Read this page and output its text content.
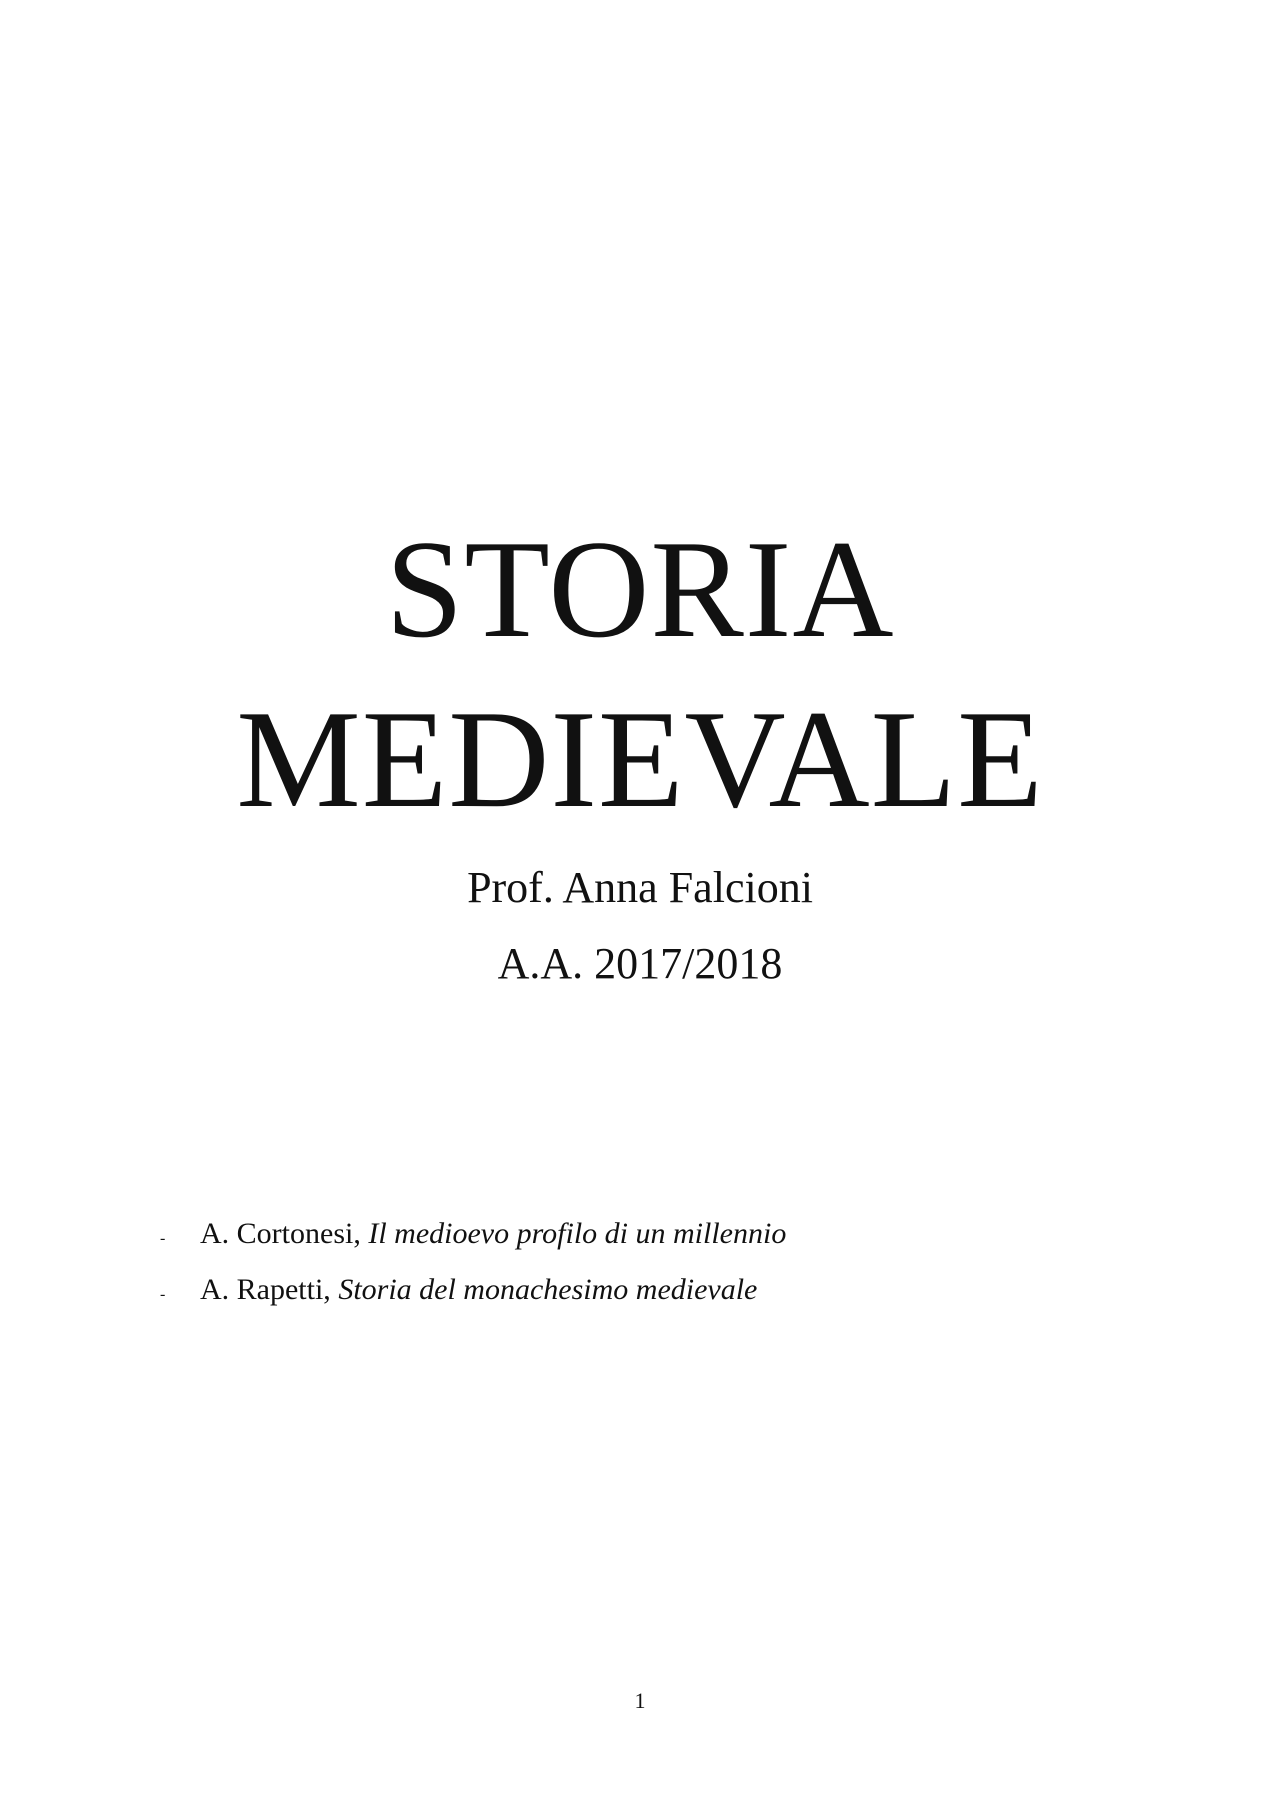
STORIA
MEDIEVALE
Prof. Anna Falcioni
A.A. 2017/2018
- A. Cortonesi, Il medioevo profilo di un millennio
- A. Rapetti, Storia del monachesimo medievale
1
